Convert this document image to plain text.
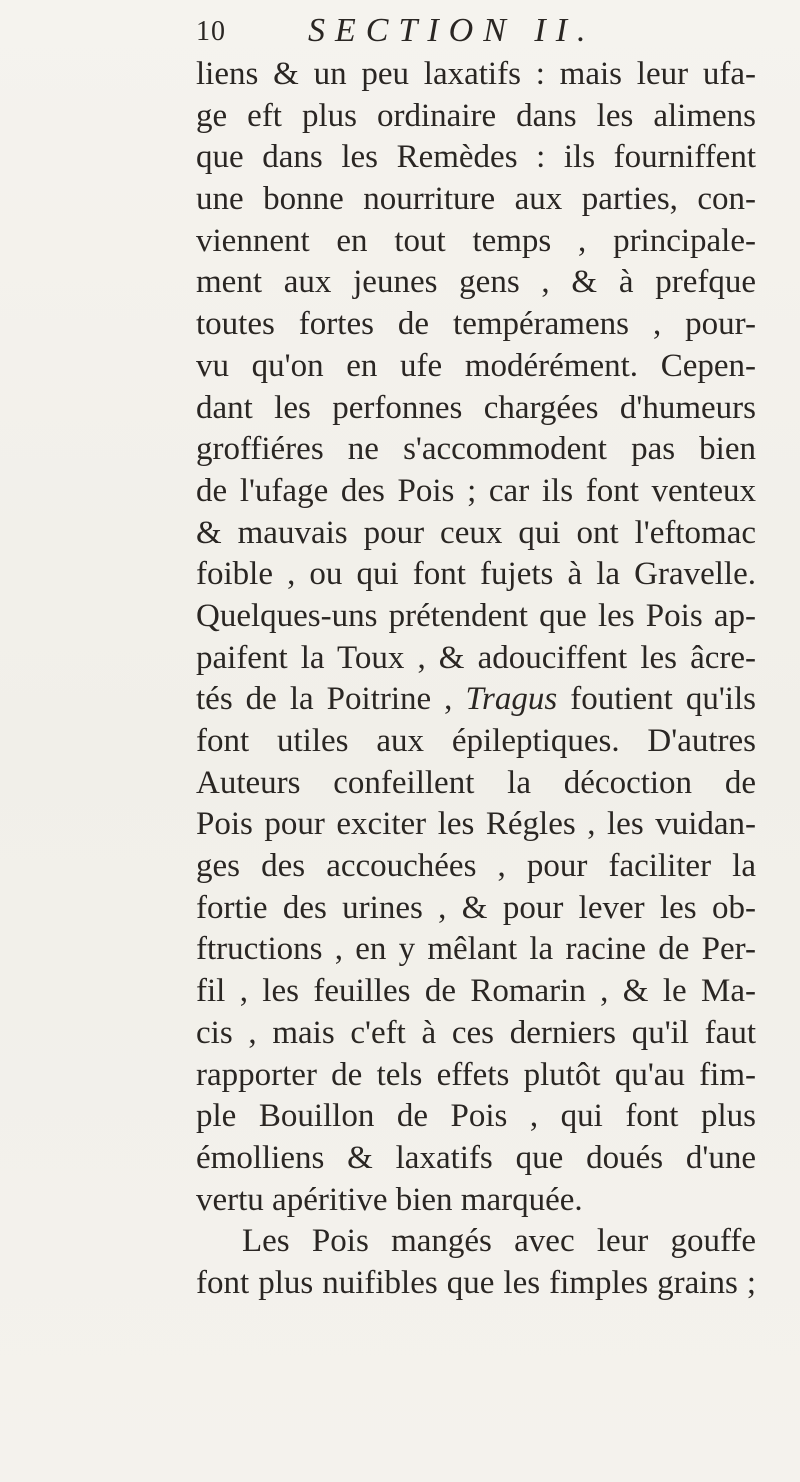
10 SECTION II.
liens & un peu laxatifs : mais leur ufa-
ge eft plus ordinaire dans les alimens
que dans les Remèdes : ils fourniffent
une bonne nourriture aux parties, con-
viennent en tout temps , principale-
ment aux jeunes gens , & à prefque
toutes fortes de tempéramens , pour-
vu qu'on en ufe modérément. Cepen-
dant les perfonnes chargées d'humeurs
groffiéres ne s'accommodent pas bien
de l'ufage des Pois ; car ils font venteux
& mauvais pour ceux qui ont l'eftomac
foible , ou qui font fujets à la Gravelle.
Quelques-uns prétendent que les Pois ap-
paifent la Toux , & adouciffent les âcre-
tés de la Poitrine , Tragus foutient qu'ils
font utiles aux épileptiques. D'autres
Auteurs confeillent la décoction de
Pois pour exciter les Régles , les vuidan-
ges des accouchées , pour faciliter la
fortie des urines , & pour lever les ob-
ftructions , en y mêlant la racine de Per-
fil , les feuilles de Romarin , & le Ma-
cis , mais c'eft à ces derniers qu'il faut
rapporter de tels effets plutôt qu'au fim-
ple Bouillon de Pois , qui font plus
émolliens & laxatifs que doués d'une
vertu apéritive bien marquée.
Les Pois mangés avec leur gouffe
font plus nuifibles que les fimples grains ;
